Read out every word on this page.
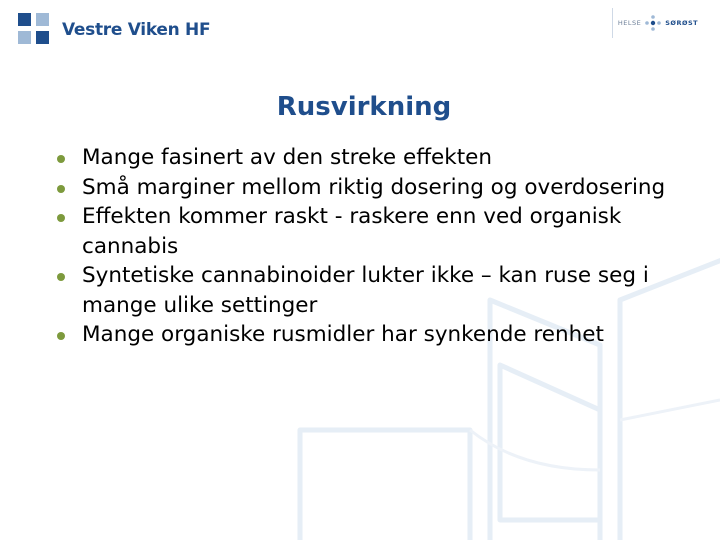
Vestre Viken HF	HELSE	SØRØST
Rusvirkning
Mange fasinert av den streke effekten
Små marginer mellom riktig dosering og overdosering
Effekten kommer raskt - raskere enn ved organisk cannabis
Syntetiske cannabinoider lukter ikke – kan ruse seg i mange ulike settinger
Mange organiske rusmidler har synkende renhet
